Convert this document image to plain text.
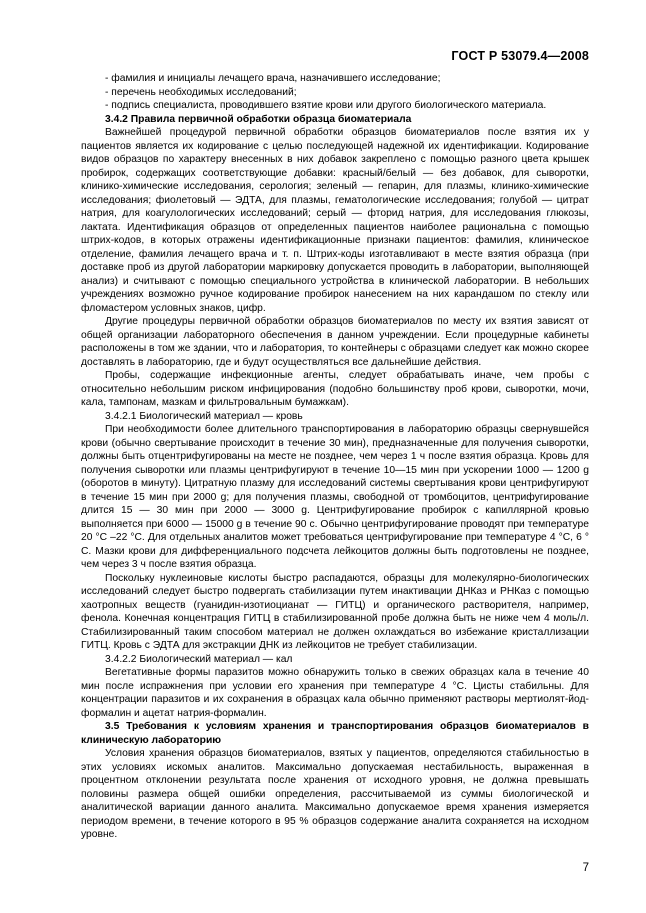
ГОСТ Р 53079.4—2008

- фамилия и инициалы лечащего врача, назначившего исследование;

- перечень необходимых исследований;

- подпись специалиста, проводившего взятие крови или другого биологического материала.

3.4.2 Правила первичной обработки образца биоматериала

Важнейшей процедурой первичной обработки образцов биоматериалов после взятия их у пациентов является их кодирование с целью последующей надежной их идентификации. Кодирование видов образцов по характеру внесенных в них добавок закреплено с помощью разного цвета крышек пробирок, содержащих соответствующие добавки: красный/белый — без добавок, для сыворотки, клинико-химические исследования, серология; зеленый — гепарин, для плазмы, клинико-химические исследования; фиолетовый — ЭДТА, для плазмы, гематологические исследования; голубой — цитрат натрия, для коагулологических исследований; серый — фторид натрия, для исследования глюкозы, лактата. Идентификация образцов от определенных пациентов наиболее рациональна с помощью штрих-кодов, в которых отражены идентификационные признаки пациентов: фамилия, клиническое отделение, фамилия лечащего врача и т. п. Штрих-коды изготавливают в месте взятия образца (при доставке проб из другой лаборатории маркировку допускается проводить в лаборатории, выполняющей анализ) и считывают с помощью специального устройства в клинической лаборатории. В небольших учреждениях возможно ручное кодирование пробирок нанесением на них карандашом по стеклу или фломастером условных знаков, цифр.

Другие процедуры первичной обработки образцов биоматериалов по месту их взятия зависят от общей организации лабораторного обеспечения в данном учреждении. Если процедурные кабинеты расположены в том же здании, что и лаборатория, то контейнеры с образцами следует как можно скорее доставлять в лабораторию, где и будут осуществляться все дальнейшие действия.

Пробы, содержащие инфекционные агенты, следует обрабатывать иначе, чем пробы с относительно небольшим риском инфицирования (подобно большинству проб крови, сыворотки, мочи, кала, тампонам, мазкам и фильтровальным бумажкам).

3.4.2.1 Биологический материал — кровь

При необходимости более длительного транспортирования в лабораторию образцы свернувшейся крови (обычно свертывание происходит в течение 30 мин), предназначенные для получения сыворотки, должны быть отцентрифугированы на месте не позднее, чем через 1 ч после взятия образца. Кровь для получения сыворотки или плазмы центрифугируют в течение 10—15 мин при ускорении 1000 — 1200 g (оборотов в минуту). Цитратную плазму для исследований системы свертывания крови центрифугируют в течение 15 мин при 2000 g; для получения плазмы, свободной от тромбоцитов, центрифугирование длится 15 — 30 мин при 2000 — 3000 g. Центрифугирование пробирок с капиллярной кровью выполняется при 6000 — 15000 g в течение 90 с. Обычно центрифугирование проводят при температуре 20 °С –22 °С. Для отдельных аналитов может требоваться центрифугирование при температуре 4 °С, 6 ° С. Мазки крови для дифференциального подсчета лейкоцитов должны быть подготовлены не позднее, чем через 3 ч после взятия образца.

Поскольку нуклеиновые кислоты быстро распадаются, образцы для молекулярно-биологических исследований следует быстро подвергать стабилизации путем инактивации ДНКаз и РНКаз с помощью хаотропных веществ (гуанидин-изотиоцианат — ГИТЦ) и органического растворителя, например, фенола. Конечная концентрация ГИТЦ в стабилизированной пробе должна быть не ниже чем 4 моль/л. Стабилизированный таким способом материал не должен охлаждаться во избежание кристаллизации ГИТЦ. Кровь с ЭДТА для экстракции ДНК из лейкоцитов не требует стабилизации.

3.4.2.2 Биологический материал — кал

Вегетативные формы паразитов можно обнаружить только в свежих образцах кала в течение 40 мин после испражнения при условии его хранения при температуре 4 °С. Цисты стабильны. Для концентрации паразитов и их сохранения в образцах кала обычно применяют растворы мертиолят-йод-формалин и ацетат натрия-формалин.

3.5 Требования к условиям хранения и транспортирования образцов биоматериалов в клиническую лабораторию

Условия хранения образцов биоматериалов, взятых у пациентов, определяются стабильностью в этих условиях искомых аналитов. Максимально допускаемая нестабильность, выраженная в процентном отклонении результата после хранения от исходного уровня, не должна превышать половины размера общей ошибки определения, рассчитываемой из суммы биологической и аналитической вариации данного аналита. Максимально допускаемое время хранения измеряется периодом времени, в течение которого в 95 % образцов содержание аналита сохраняется на исходном уровне.

7
